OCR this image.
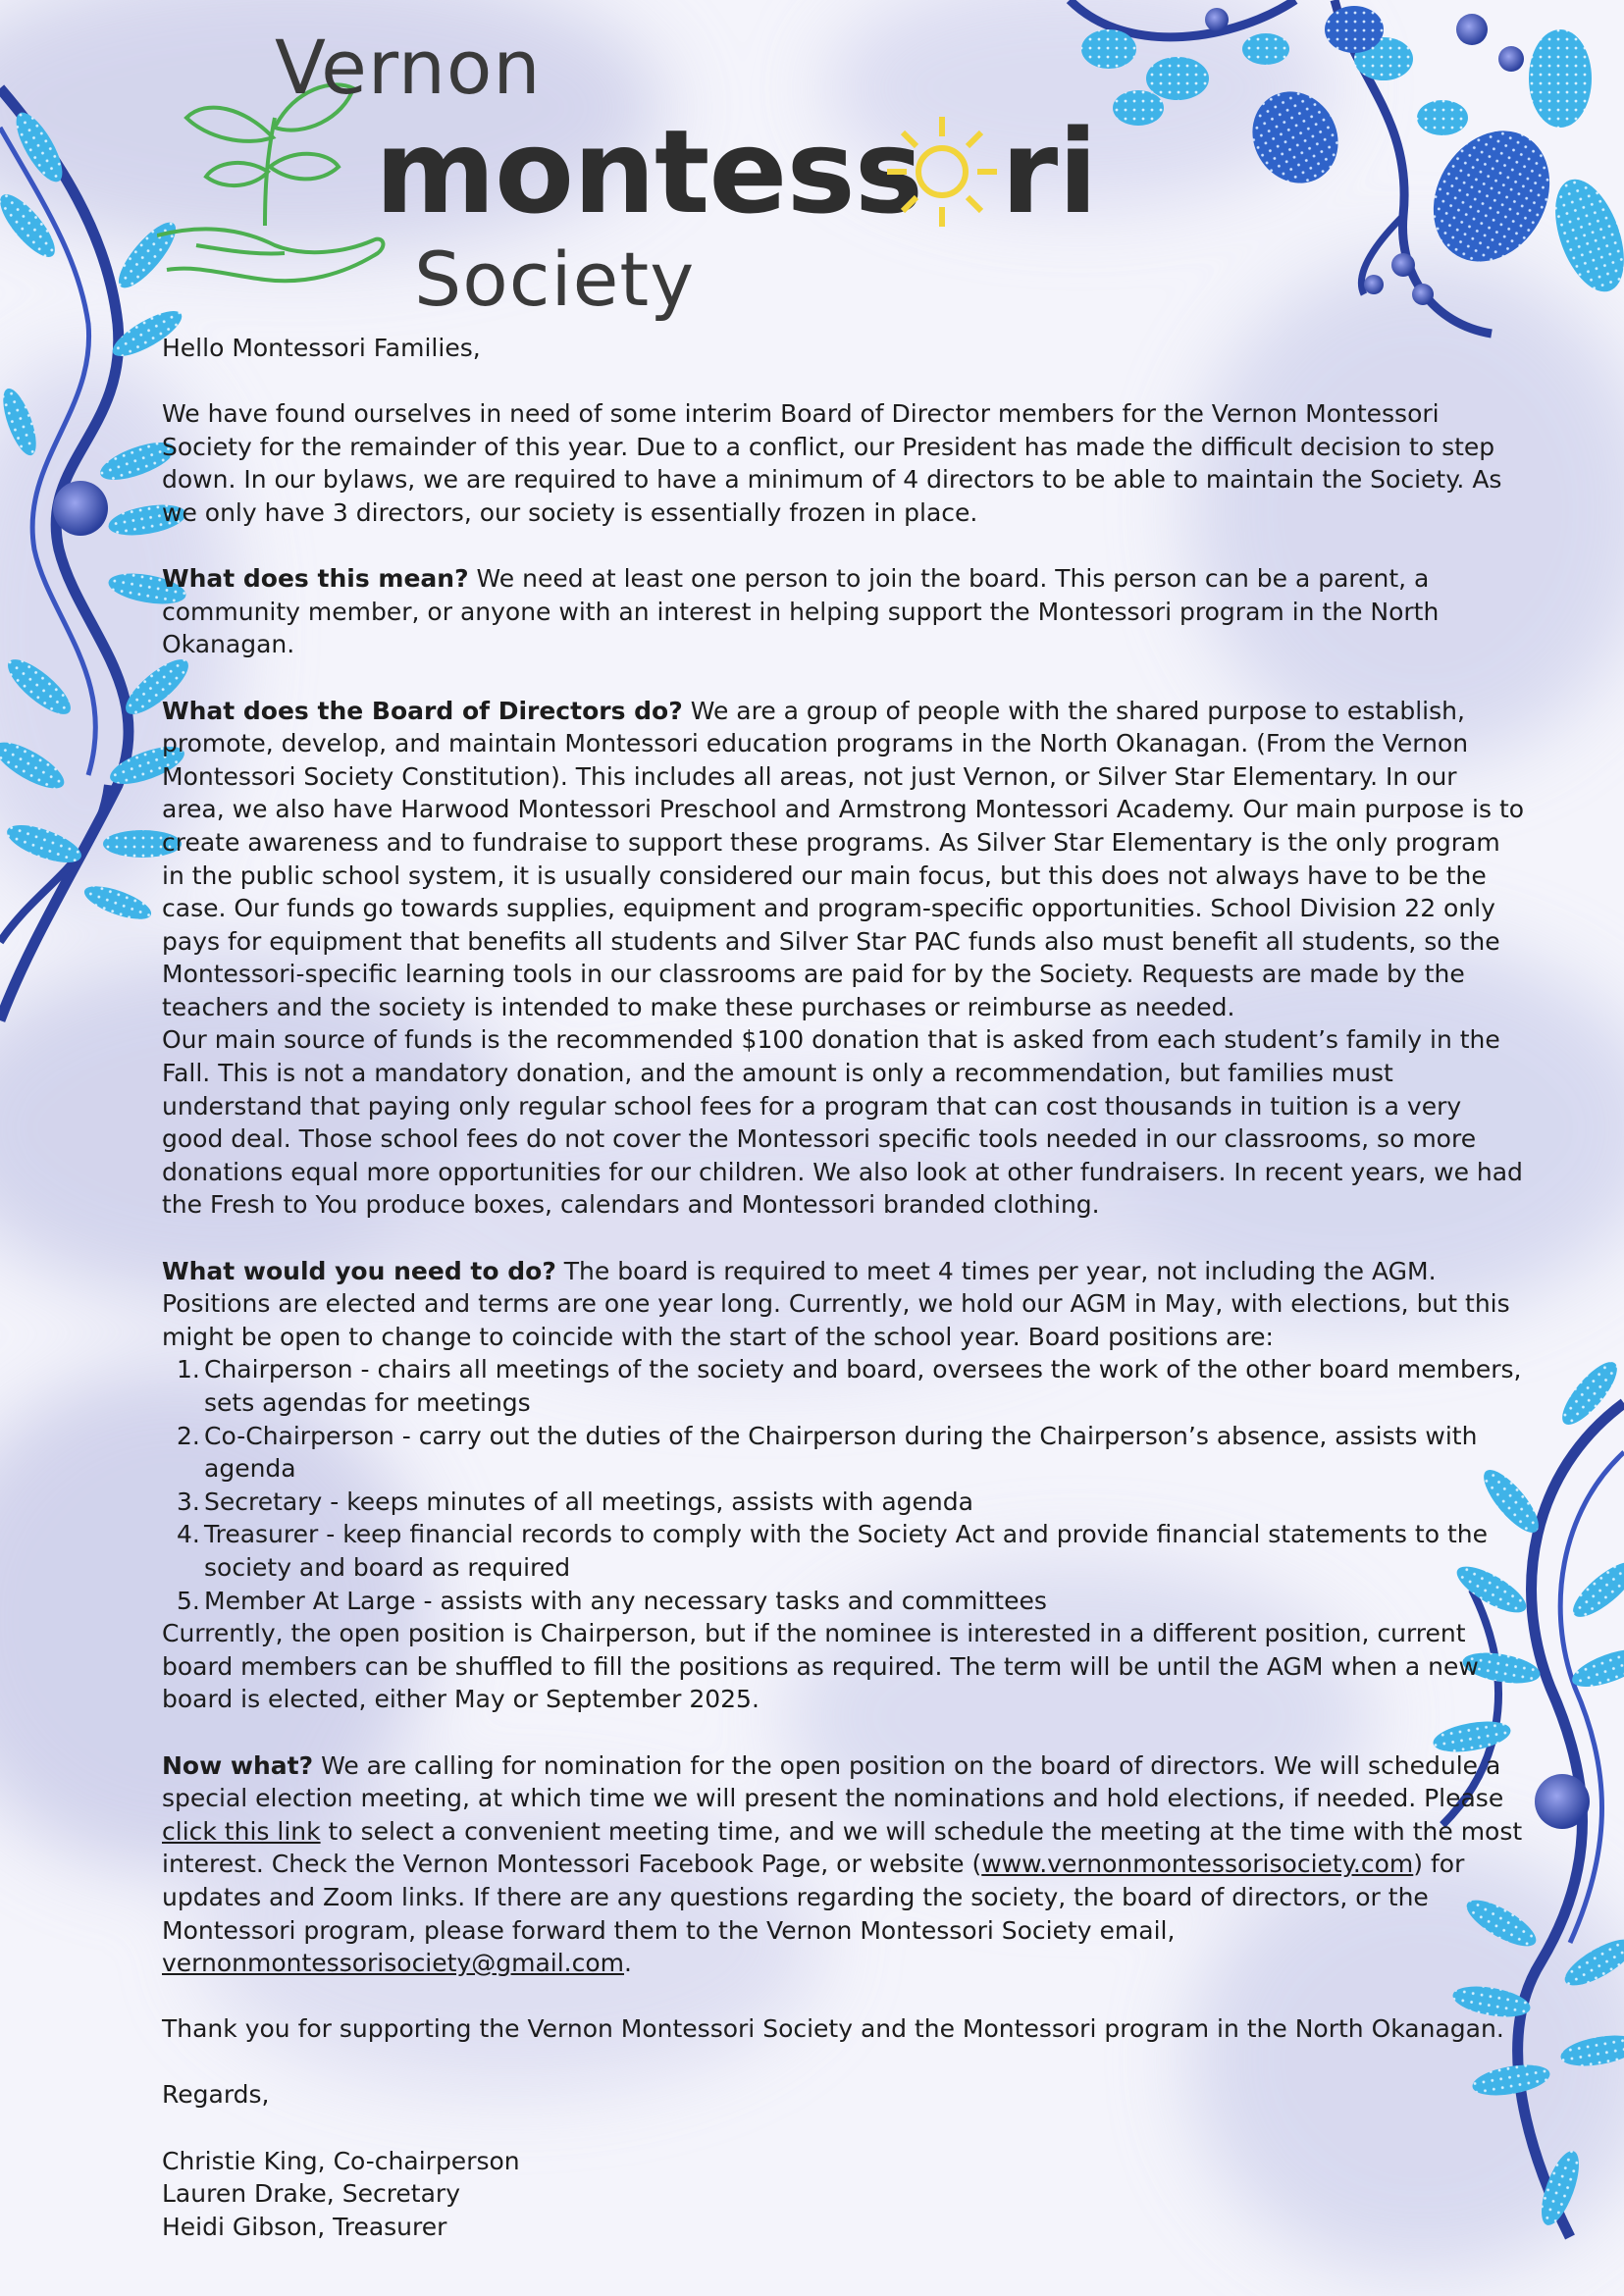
Vernon
montess ri
Society

Hello Montessori Families,

We have found ourselves in need of some interim Board of Director members for the Vernon Montessori Society for the remainder of this year. Due to a conflict, our President has made the difficult decision to step down. In our bylaws, we are required to have a minimum of 4 directors to be able to maintain the Society. As we only have 3 directors, our society is essentially frozen in place.

What does this mean? We need at least one person to join the board. This person can be a parent, a community member, or anyone with an interest in helping support the Montessori program in the North Okanagan.

What does the Board of Directors do? We are a group of people with the shared purpose to establish, promote, develop, and maintain Montessori education programs in the North Okanagan. (From the Vernon Montessori Society Constitution). This includes all areas, not just Vernon, or Silver Star Elementary. In our area, we also have Harwood Montessori Preschool and Armstrong Montessori Academy. Our main purpose is to create awareness and to fundraise to support these programs. As Silver Star Elementary is the only program in the public school system, it is usually considered our main focus, but this does not always have to be the case. Our funds go towards supplies, equipment and program-specific opportunities. School Division 22 only pays for equipment that benefits all students and Silver Star PAC funds also must benefit all students, so the Montessori-specific learning tools in our classrooms are paid for by the Society. Requests are made by the teachers and the society is intended to make these purchases or reimburse as needed.

Our main source of funds is the recommended $100 donation that is asked from each student’s family in the Fall. This is not a mandatory donation, and the amount is only a recommendation, but families must understand that paying only regular school fees for a program that can cost thousands in tuition is a very good deal. Those school fees do not cover the Montessori specific tools needed in our classrooms, so more donations equal more opportunities for our children. We also look at other fundraisers. In recent years, we had the Fresh to You produce boxes, calendars and Montessori branded clothing.

What would you need to do? The board is required to meet 4 times per year, not including the AGM. Positions are elected and terms are one year long. Currently, we hold our AGM in May, with elections, but this might be open to change to coincide with the start of the school year. Board positions are:

1. Chairperson - chairs all meetings of the society and board, oversees the work of the other board members, sets agendas for meetings
2. Co-Chairperson - carry out the duties of the Chairperson during the Chairperson’s absence, assists with agenda
3. Secretary - keeps minutes of all meetings, assists with agenda
4. Treasurer - keep financial records to comply with the Society Act and provide financial statements to the society and board as required
5. Member At Large - assists with any necessary tasks and committees

Currently, the open position is Chairperson, but if the nominee is interested in a different position, current board members can be shuffled to fill the positions as required. The term will be until the AGM when a new board is elected, either May or September 2025.

Now what? We are calling for nomination for the open position on the board of directors. We will schedule a special election meeting, at which time we will present the nominations and hold elections, if needed. Please click this link to select a convenient meeting time, and we will schedule the meeting at the time with the most interest. Check the Vernon Montessori Facebook Page, or website (www.vernonmontessorisociety.com) for updates and Zoom links. If there are any questions regarding the society, the board of directors, or the Montessori program, please forward them to the Vernon Montessori Society email, vernonmontessorisociety@gmail.com.

Thank you for supporting the Vernon Montessori Society and the Montessori program in the North Okanagan.

Regards,

Christie King, Co-chairperson

Lauren Drake, Secretary

Heidi Gibson, Treasurer
